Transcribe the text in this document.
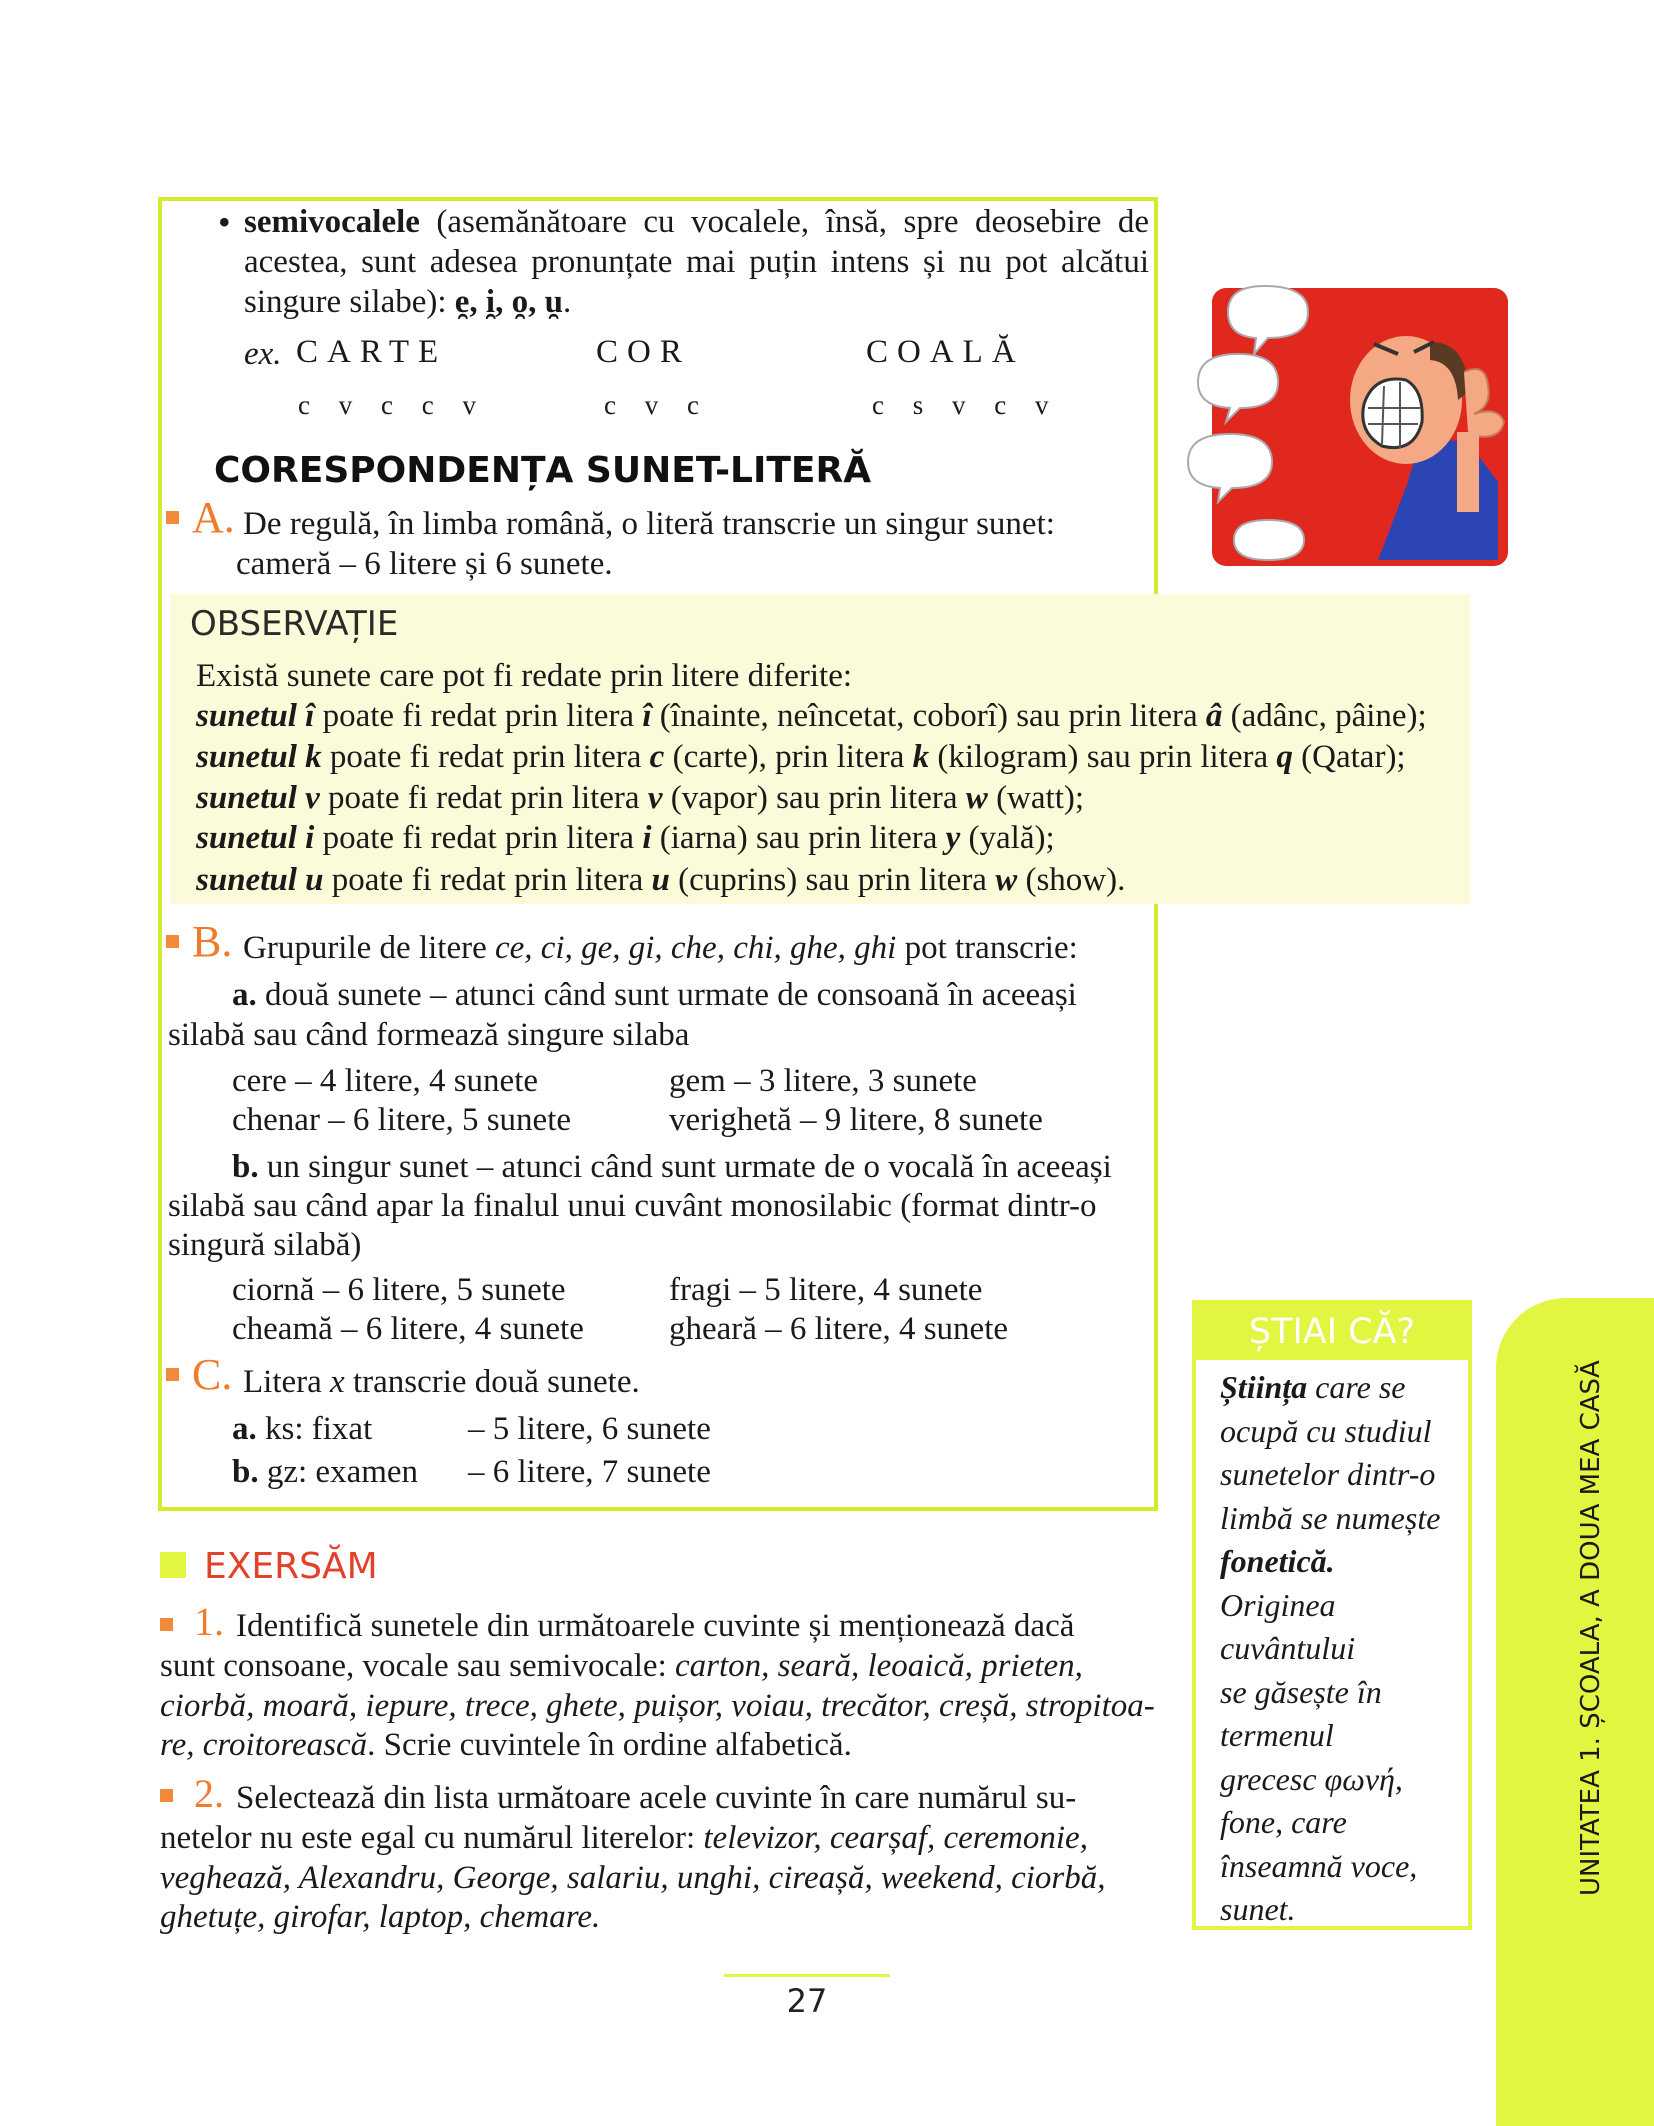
• semivocalele (asemănătoare cu vocalele, însă, spre deosebire de acestea, sunt adesea pronunțate mai puțin intens și nu pot alcătui singure silabe): e̯, i̯, o̯, u̯.
ex. CARTE	COR	COALĂ
c v c c v	c v c	c s v c v
CORESPONDENȚA SUNET-LITERĂ
A. De regulă, în limba română, o literă transcrie un singur sunet:
cameră – 6 litere și 6 sunete.
OBSERVAȚIE
Există sunete care pot fi redate prin litere diferite:
sunetul î poate fi redat prin litera î (înainte, neîncetat, coborî) sau prin litera â (adânc, pâine);
sunetul k poate fi redat prin litera c (carte), prin litera k (kilogram) sau prin litera q (Qatar);
sunetul v poate fi redat prin litera v (vapor) sau prin litera w (watt);
sunetul i poate fi redat prin litera i (iarna) sau prin litera y (yală);
sunetul u poate fi redat prin litera u (cuprins) sau prin litera w (show).
B. Grupurile de litere ce, ci, ge, gi, che, chi, ghe, ghi pot transcrie:
a. două sunete – atunci când sunt urmate de consoană în aceeași
silabă sau când formează singure silaba
cere – 4 litere, 4 sunete	gem – 3 litere, 3 sunete
chenar – 6 litere, 5 sunete	verighetă – 9 litere, 8 sunete
b. un singur sunet – atunci când sunt urmate de o vocală în aceeași
silabă sau când apar la finalul unui cuvânt monosilabic (format dintr-o
singură silabă)
ciornă – 6 litere, 5 sunete	fragi – 5 litere, 4 sunete
cheamă – 6 litere, 4 sunete	gheară – 6 litere, 4 sunete
C. Litera x transcrie două sunete.
a. ks: fixat	– 5 litere, 6 sunete
b. gz: examen – 6 litere, 7 sunete
EXERSĂM
1. Identifică sunetele din următoarele cuvinte și menționează dacă
sunt consoane, vocale sau semivocale: carton, seară, leoaică, prieten,
ciorbă, moară, iepure, trece, ghete, puișor, voiau, trecător, creșă, stropitoa-
re, croitorească. Scrie cuvintele în ordine alfabetică.
2. Selectează din lista următoare acele cuvinte în care numărul su-
netelor nu este egal cu numărul literelor: televizor, cearșaf, ceremonie,
veghează, Alexandru, George, salariu, unghi, cireașă, weekend, ciorbă,
ghetuțe, girofar, laptop, chemare.
ȘTIAI CĂ?
Știința care se
ocupă cu studiul
sunetelor dintr-o
limbă se numește
fonetică.
Originea
cuvântului
se găsește în
termenul
grecesc φωνή,
fone, care
înseamnă voce,
sunet.
UNITATEA 1. ȘCOALA, A DOUA MEA CASĂ
27
